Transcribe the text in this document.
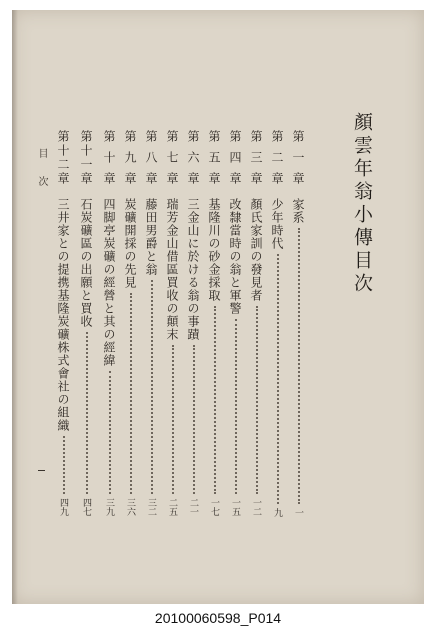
顏雲年翁小傳目次
目
次	第一章
家系
一
第二章
少年時代
九
第三章
顏氏家訓の發見者
一二
第四章
改隸當時の翁と軍警
一五
第五章
基隆川の砂金採取
一七
第六章
三金山に於ける翁の事蹟
二一
第七章
瑞芳金山借區買收の顛末
二五
第八章
藤田男爵と翁
三二
第九章
炭礦開採の先見
三六
第十章
四脚亭炭礦の經營と其の經緯
三九
第十一章
石炭礦區の出願と買收
四七
第十二章
三井家との提携基隆炭礦株式會社の組織
四九
20100060598_P014
